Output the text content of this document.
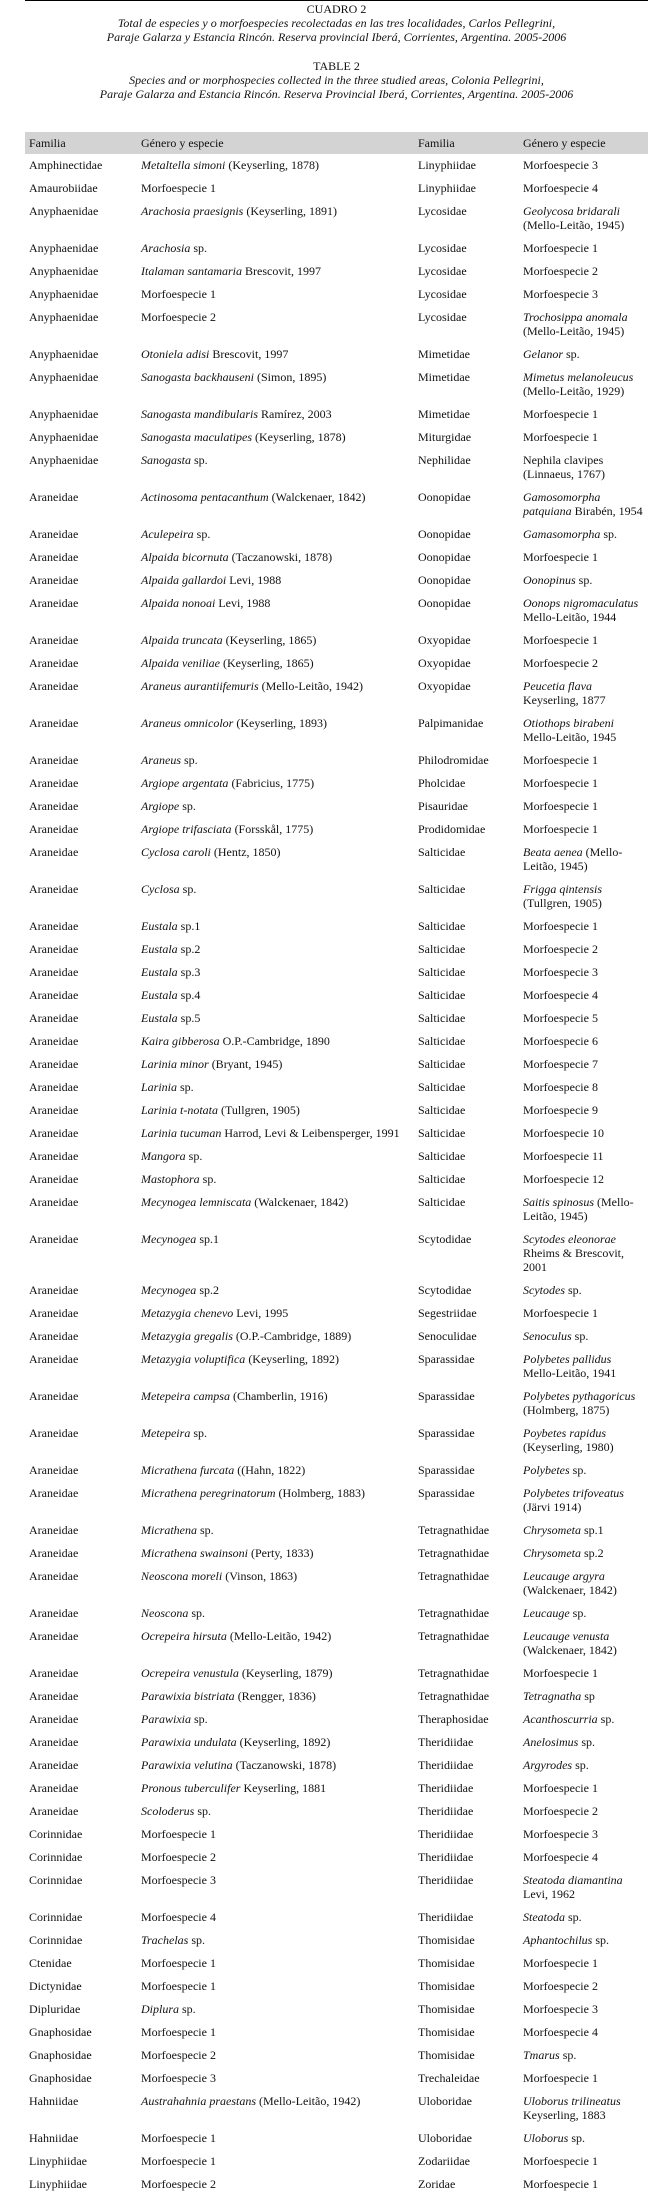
CUADRO 2
Total de especies y o morfoespecies recolectadas en las tres localidades, Carlos Pellegrini,
Paraje Galarza y Estancia Rincón. Reserva provincial Iberá, Corrientes, Argentina. 2005-2006
TABLE 2
Species and or morphospecies collected in the three studied areas, Colonia Pellegrini,
Paraje Galarza and Estancia Rincón. Reserva Provincial Iberá, Corrientes, Argentina. 2005-2006
Familia	Género y especie	Familia	Género y especie
Amphinectidae	Metaltella simoni (Keyserling, 1878)	Linyphiidae	Morfoespecie 3
Amaurobiidae	Morfoespecie 1	Linyphiidae	Morfoespecie 4
Anyphaenidae	Arachosia praesignis (Keyserling, 1891)	Lycosidae	Geolycosa bridarali (Mello-Leitão, 1945)
Anyphaenidae	Arachosia sp.	Lycosidae	Morfoespecie 1
Anyphaenidae	Italaman santamaria Brescovit, 1997	Lycosidae	Morfoespecie 2
Anyphaenidae	Morfoespecie 1	Lycosidae	Morfoespecie 3
Anyphaenidae	Morfoespecie 2	Lycosidae	Trochosippa anomala (Mello-Leitão, 1945)
Anyphaenidae	Otoniela adisi Brescovit, 1997	Mimetidae	Gelanor sp.
Anyphaenidae	Sanogasta backhauseni (Simon, 1895)	Mimetidae	Mimetus melanoleucus (Mello-Leitão, 1929)
Anyphaenidae	Sanogasta mandibularis Ramírez, 2003	Mimetidae	Morfoespecie 1
Anyphaenidae	Sanogasta maculatipes (Keyserling, 1878)	Miturgidae	Morfoespecie 1
Anyphaenidae	Sanogasta sp.	Nephilidae	Nephila clavipes (Linnaeus, 1767)
Araneidae	Actinosoma pentacanthum (Walckenaer, 1842)	Oonopidae	Gamosomorpha patquiana Birabén, 1954
Araneidae	Aculepeira sp.	Oonopidae	Gamasomorpha sp.
Araneidae	Alpaida bicornuta (Taczanowski, 1878)	Oonopidae	Morfoespecie 1
Araneidae	Alpaida gallardoi Levi, 1988	Oonopidae	Oonopinus sp.
Araneidae	Alpaida nonoai Levi, 1988	Oonopidae	Oonops nigromaculatus Mello-Leitão, 1944
Araneidae	Alpaida truncata (Keyserling, 1865)	Oxyopidae	Morfoespecie 1
Araneidae	Alpaida veniliae (Keyserling, 1865)	Oxyopidae	Morfoespecie 2
Araneidae	Araneus aurantiifemuris (Mello-Leitão, 1942)	Oxyopidae	Peucetia flava Keyserling, 1877
Araneidae	Araneus omnicolor (Keyserling, 1893)	Palpimanidae	Otiothops birabeni Mello-Leitão, 1945
Araneidae	Araneus sp.	Philodromidae	Morfoespecie 1
Araneidae	Argiope argentata (Fabricius, 1775)	Pholcidae	Morfoespecie 1
Araneidae	Argiope sp.	Pisauridae	Morfoespecie 1
Araneidae	Argiope trifasciata (Forsskål, 1775)	Prodidomidae	Morfoespecie 1
Araneidae	Cyclosa caroli (Hentz, 1850)	Salticidae	Beata aenea (Mello-Leitão, 1945)
Araneidae	Cyclosa sp.	Salticidae	Frigga qintensis (Tullgren, 1905)
Araneidae	Eustala sp.1	Salticidae	Morfoespecie 1
Araneidae	Eustala sp.2	Salticidae	Morfoespecie 2
Araneidae	Eustala sp.3	Salticidae	Morfoespecie 3
Araneidae	Eustala sp.4	Salticidae	Morfoespecie 4
Araneidae	Eustala sp.5	Salticidae	Morfoespecie 5
Araneidae	Kaira gibberosa O.P.-Cambridge, 1890	Salticidae	Morfoespecie 6
Araneidae	Larinia minor (Bryant, 1945)	Salticidae	Morfoespecie 7
Araneidae	Larinia sp.	Salticidae	Morfoespecie 8
Araneidae	Larinia t-notata (Tullgren, 1905)	Salticidae	Morfoespecie 9
Araneidae	Larinia tucuman Harrod, Levi & Leibensperger, 1991	Salticidae	Morfoespecie 10
Araneidae	Mangora sp.	Salticidae	Morfoespecie 11
Araneidae	Mastophora sp.	Salticidae	Morfoespecie 12
Araneidae	Mecynogea lemniscata (Walckenaer, 1842)	Salticidae	Saitis spinosus (Mello-Leitão, 1945)
Araneidae	Mecynogea sp.1	Scytodidae	Scytodes eleonorae Rheims & Brescovit, 2001
Araneidae	Mecynogea sp.2	Scytodidae	Scytodes sp.
Araneidae	Metazygia chenevo Levi, 1995	Segestriidae	Morfoespecie 1
Araneidae	Metazygia gregalis (O.P.-Cambridge, 1889)	Senoculidae	Senoculus sp.
Araneidae	Metazygia voluptifica (Keyserling, 1892)	Sparassidae	Polybetes pallidus Mello-Leitão, 1941
Araneidae	Metepeira campsa (Chamberlin, 1916)	Sparassidae	Polybetes pythagoricus (Holmberg, 1875)
Araneidae	Metepeira sp.	Sparassidae	Poybetes rapidus (Keyserling, 1980)
Araneidae	Micrathena furcata ((Hahn, 1822)	Sparassidae	Polybetes sp.
Araneidae	Micrathena peregrinatorum (Holmberg, 1883)	Sparassidae	Polybetes trifoveatus (Järvi 1914)
Araneidae	Micrathena sp.	Tetragnathidae	Chrysometa sp.1
Araneidae	Micrathena swainsoni (Perty, 1833)	Tetragnathidae	Chrysometa sp.2
Araneidae	Neoscona moreli (Vinson, 1863)	Tetragnathidae	Leucauge argyra (Walckenaer, 1842)
Araneidae	Neoscona sp.	Tetragnathidae	Leucauge sp.
Araneidae	Ocrepeira hirsuta (Mello-Leitão, 1942)	Tetragnathidae	Leucauge venusta (Walckenaer, 1842)
Araneidae	Ocrepeira venustula (Keyserling, 1879)	Tetragnathidae	Morfoespecie 1
Araneidae	Parawixia bistriata (Rengger, 1836)	Tetragnathidae	Tetragnatha sp
Araneidae	Parawixia sp.	Theraphosidae	Acanthoscurria sp.
Araneidae	Parawixia undulata (Keyserling, 1892)	Theridiidae	Anelosimus sp.
Araneidae	Parawixia velutina (Taczanowski, 1878)	Theridiidae	Argyrodes sp.
Araneidae	Pronous tuberculifer Keyserling, 1881	Theridiidae	Morfoespecie 1
Araneidae	Scoloderus sp.	Theridiidae	Morfoespecie 2
Corinnidae	Morfoespecie 1	Theridiidae	Morfoespecie 3
Corinnidae	Morfoespecie 2	Theridiidae	Morfoespecie 4
Corinnidae	Morfoespecie 3	Theridiidae	Steatoda diamantina Levi, 1962
Corinnidae	Morfoespecie 4	Theridiidae	Steatoda sp.
Corinnidae	Trachelas sp.	Thomisidae	Aphantochilus sp.
Ctenidae	Morfoespecie 1	Thomisidae	Morfoespecie 1
Dictynidae	Morfoespecie 1	Thomisidae	Morfoespecie 2
Dipluridae	Diplura sp.	Thomisidae	Morfoespecie 3
Gnaphosidae	Morfoespecie 1	Thomisidae	Morfoespecie 4
Gnaphosidae	Morfoespecie 2	Thomisidae	Tmarus sp.
Gnaphosidae	Morfoespecie 3	Trechaleidae	Morfoespecie 1
Hahniidae	Austrahahnia praestans (Mello-Leitão, 1942)	Uloboridae	Uloborus trilineatus Keyserling, 1883
Hahniidae	Morfoespecie 1	Uloboridae	Uloborus sp.
Linyphiidae	Morfoespecie 1	Zodariidae	Morfoespecie 1
Linyphiidae	Morfoespecie 2	Zoridae	Morfoespecie 1
